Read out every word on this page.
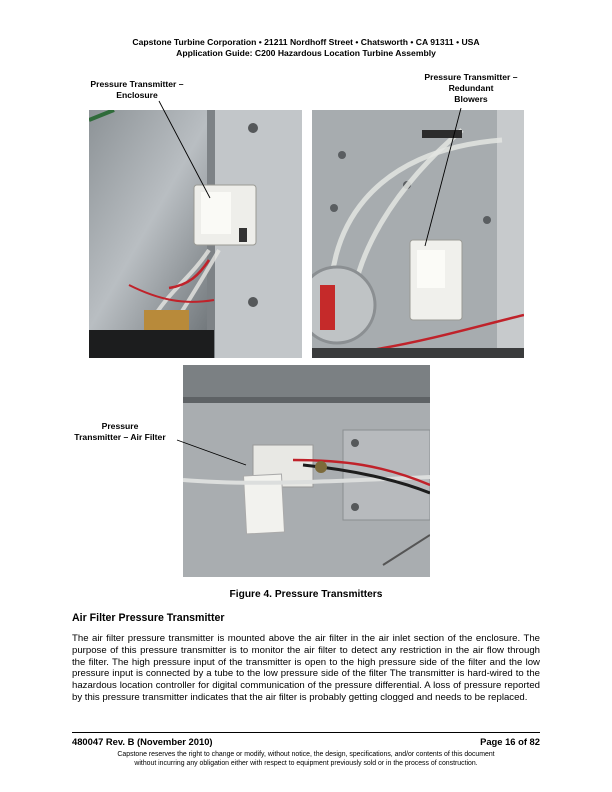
Capstone Turbine Corporation • 21211 Nordhoff Street • Chatsworth • CA 91311 • USA
Application Guide: C200 Hazardous Location Turbine Assembly
Pressure Transmitter –
Enclosure
Pressure Transmitter –
Redundant
Blowers
Pressure
Transmitter – Air Filter
Figure 4. Pressure Transmitters
Air Filter Pressure Transmitter
The air filter pressure transmitter is mounted above the air filter in the air inlet section of the enclosure. The purpose of this pressure transmitter is to monitor the air filter to detect any restriction in the air flow through the filter. The high pressure input of the transmitter is open to the high pressure side of the filter and the low pressure input is connected by a tube to the low pressure side of the filter The transmitter is hard-wired to the hazardous location controller for digital communication of the pressure differential. A loss of pressure reported by this pressure transmitter indicates that the air filter is probably getting clogged and needs to be replaced.
480047 Rev. B (November 2010)	Page 16 of 82
Capstone reserves the right to change or modify, without notice, the design, specifications, and/or contents of this document
without incurring any obligation either with respect to equipment previously sold or in the process of construction.
